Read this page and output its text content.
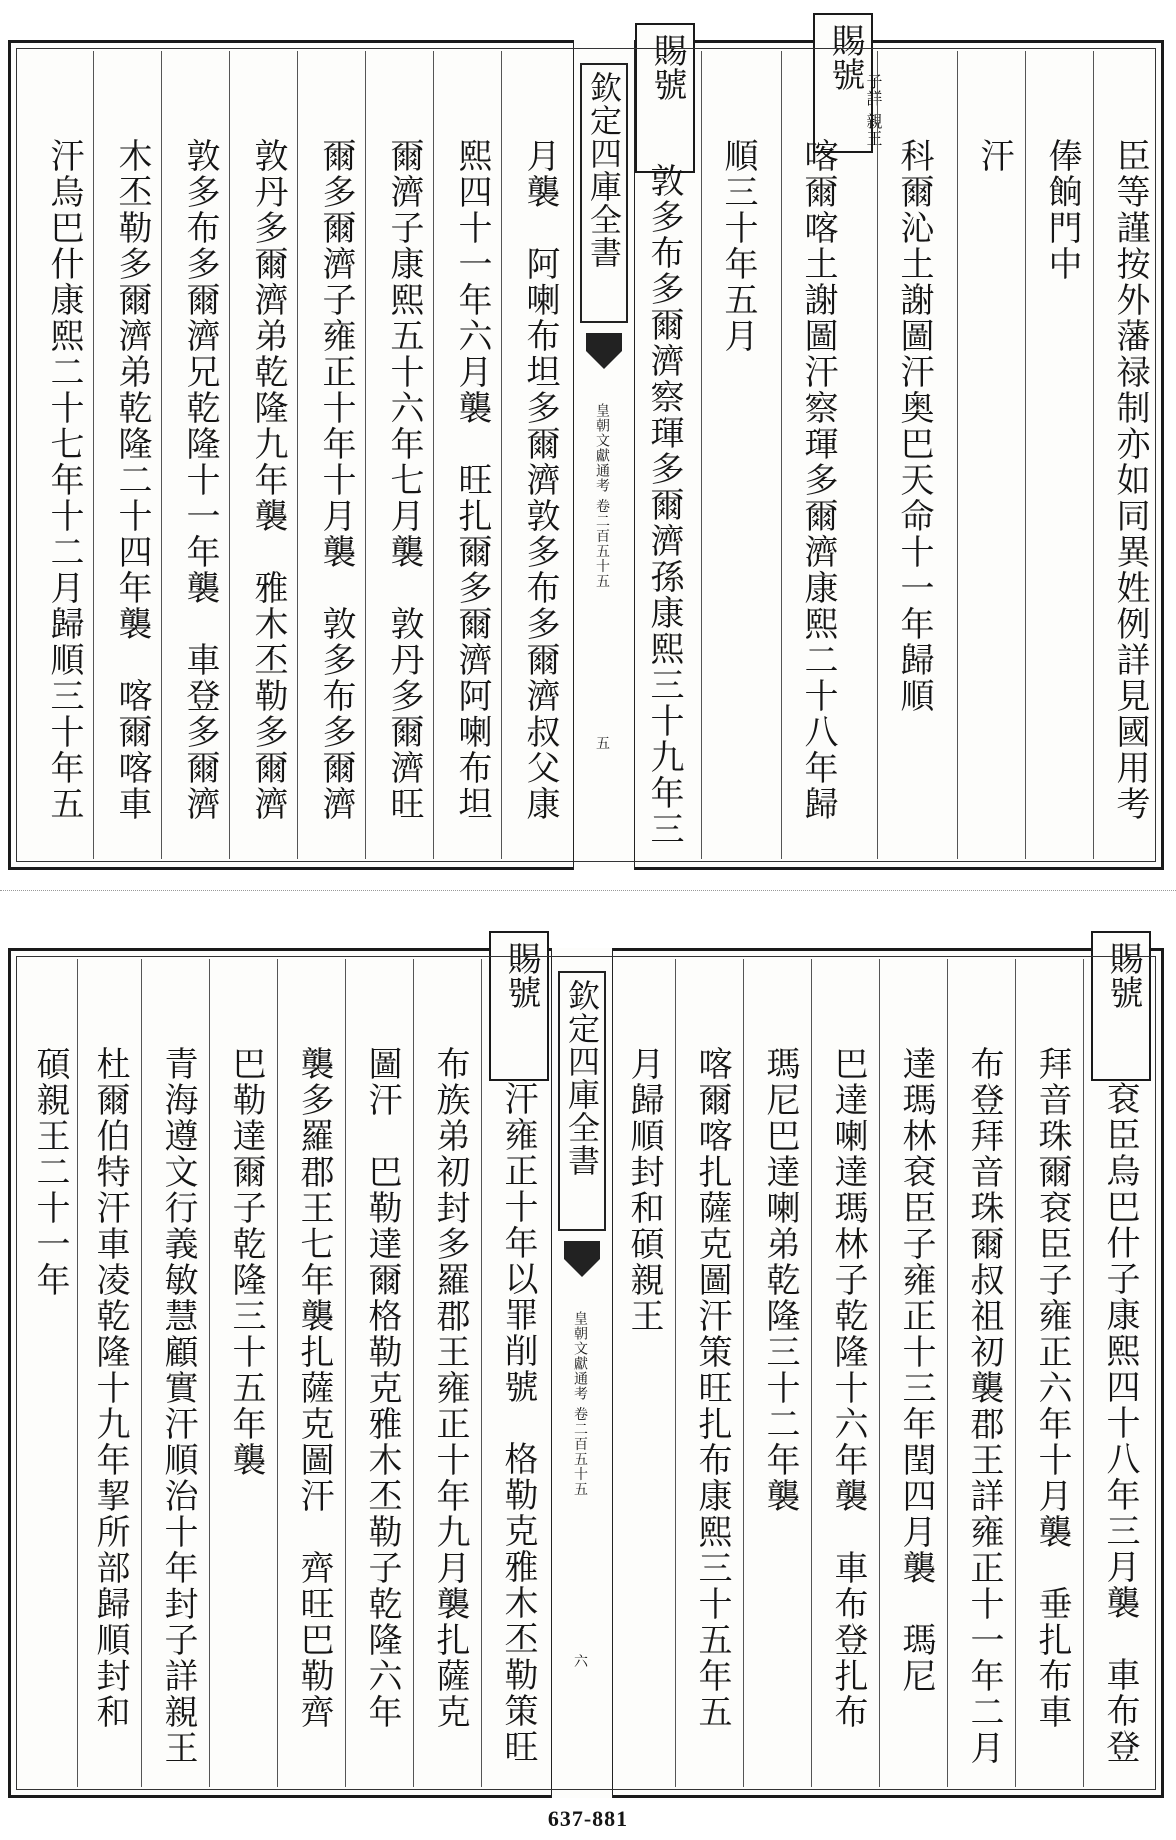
賜號
子詳 親王
臣等謹按外藩禄制亦如同異姓例詳見國用考
俸餉門中
汗
科爾沁土謝圖汗奥巴天命十一年歸順
喀爾喀土謝圖汗察琿多爾濟康熙二十八年歸
順三十年五月
賜號
敦多布多爾濟察琿多爾濟孫康熙三十九年三
欽定四庫全書
皇朝文獻通考 卷二百五十五
五
月襲　阿喇布坦多爾濟敦多布多爾濟叔父康
熙四十一年六月襲　旺扎爾多爾濟阿喇布坦
爾濟子康熙五十六年七月襲　敦丹多爾濟旺
爾多爾濟子雍正十年十月襲　敦多布多爾濟
敦丹多爾濟弟乾隆九年襲　雅木丕勒多爾濟
敦多布多爾濟兄乾隆十一年襲　車登多爾濟
木丕勒多爾濟弟乾隆二十四年襲　喀爾喀車
汗烏巴什康熙二十七年十二月歸順三十年五
賜號
袞臣烏巴什子康熙四十八年三月襲　車布登
拜音珠爾袞臣子雍正六年十月襲　垂扎布車
布登拜音珠爾叔祖初襲郡王詳雍正十一年二月
達瑪林袞臣子雍正十三年閏四月襲　瑪尼
巴達喇達瑪林子乾隆十六年襲　車布登扎布
瑪尼巴達喇弟乾隆三十二年襲
喀爾喀扎薩克圖汗策旺扎布康熙三十五年五
月歸順封和碩親王
欽定四庫全書
皇朝文獻通考 卷二百五十五
六
賜號
汗雍正十年以罪削號　格勒克雅木丕勒策旺
布族弟初封多羅郡王雍正十年九月襲扎薩克
圖汗　巴勒達爾格勒克雅木丕勒子乾隆六年
襲多羅郡王七年襲扎薩克圖汗　齊旺巴勒齊
巴勒達爾子乾隆三十五年襲
青海遵文行義敏慧顧實汗順治十年封子詳親王
杜爾伯特汗車凌乾隆十九年挈所部歸順封和
碩親王二十一年
637-881
